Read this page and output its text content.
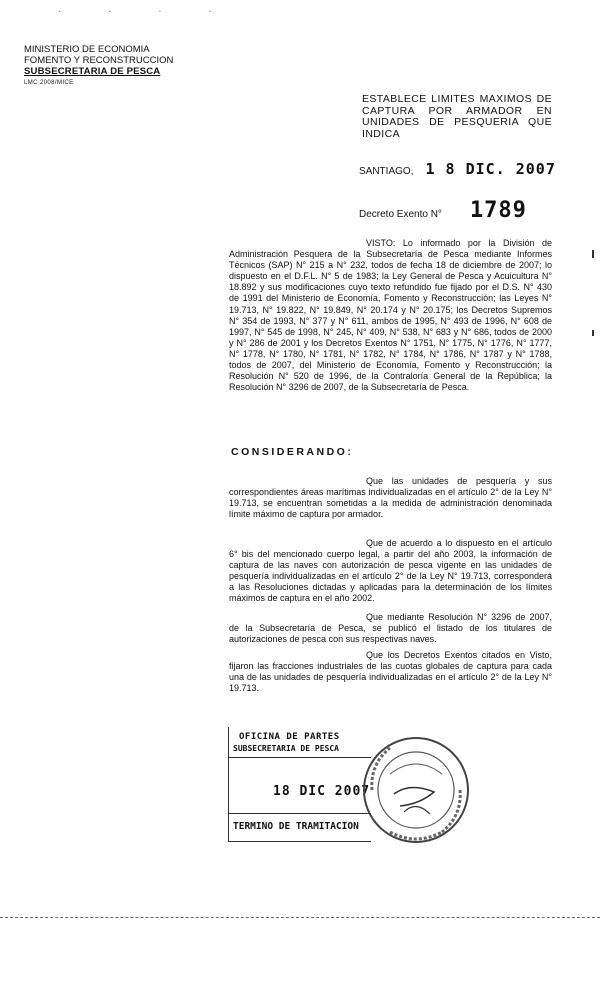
· · · ·
MINISTERIO DE ECONOMIA
FOMENTO Y RECONSTRUCCION
SUBSECRETARIA DE PESCA
LMC 2008/MICE
ESTABLECE LIMITES MAXIMOS DE CAPTURA POR ARMADOR EN UNIDADES DE PESQUERIA QUE INDICA
SANTIAGO, 1 8 DIC. 2007
Decreto Exento N° 1789
VISTO: Lo informado por la División de Administración Pesquera de la Subsecretaría de Pesca mediante Informes Técnicos (SAP) N° 215 a N° 232, todos de fecha 18 de diciembre de 2007; lo dispuesto en el D.F.L. N° 5 de 1983; la Ley General de Pesca y Acuicultura N° 18.892 y sus modificaciones cuyo texto refundido fue fijado por el D.S. N° 430 de 1991 del Ministerio de Economía, Fomento y Reconstrucción; las Leyes N° 19.713, N° 19.822, N° 19.849, N° 20.174 y N° 20.175; los Decretos Supremos N° 354 de 1993, N° 377 y N° 611, ambos de 1995, N° 493 de 1996, N° 608 de 1997, N° 545 de 1998, N° 245, N° 409, N° 538, N° 683 y N° 686, todos de 2000 y N° 286 de 2001 y los Decretos Exentos N° 1751, N° 1775, N° 1776, N° 1777, N° 1778, N° 1780, N° 1781, N° 1782, N° 1784, N° 1786, N° 1787 y N° 1788, todos de 2007, del Ministerio de Economía, Fomento y Reconstrucción; la Resolución N° 520 de 1996, de la Contraloría General de la República; la Resolución N° 3296 de 2007, de la Subsecretaría de Pesca.
CONSIDERANDO:
Que las unidades de pesquería y sus correspondientes áreas marítimas individualizadas en el artículo 2° de la Ley N° 19.713, se encuentran sometidas a la medida de administración denominada límite máximo de captura por armador.
Que de acuerdo a lo dispuesto en el artículo 6° bis del mencionado cuerpo legal, a partir del año 2003, la información de captura de las naves con autorización de pesca vigente en las unidades de pesquería individualizadas en el artículo 2° de la Ley N° 19.713, corresponderá a las Resoluciones dictadas y aplicadas para la determinación de los límites máximos de captura en el año 2002.
Que mediante Resolución N° 3296 de 2007, de la Subsecretaría de Pesca, se publicó el listado de los titulares de autorizaciones de pesca con sus respectivas naves.
Que los Decretos Exentos citados en Visto, fijaron las fracciones industriales de las cuotas globales de captura para cada una de las unidades de pesquería individualizadas en el artículo 2° de la Ley N° 19.713.
OFICINA DE PARTES
SUBSECRETARIA DE PESCA
18 DIC 2007
TERMINO DE TRAMITACION
